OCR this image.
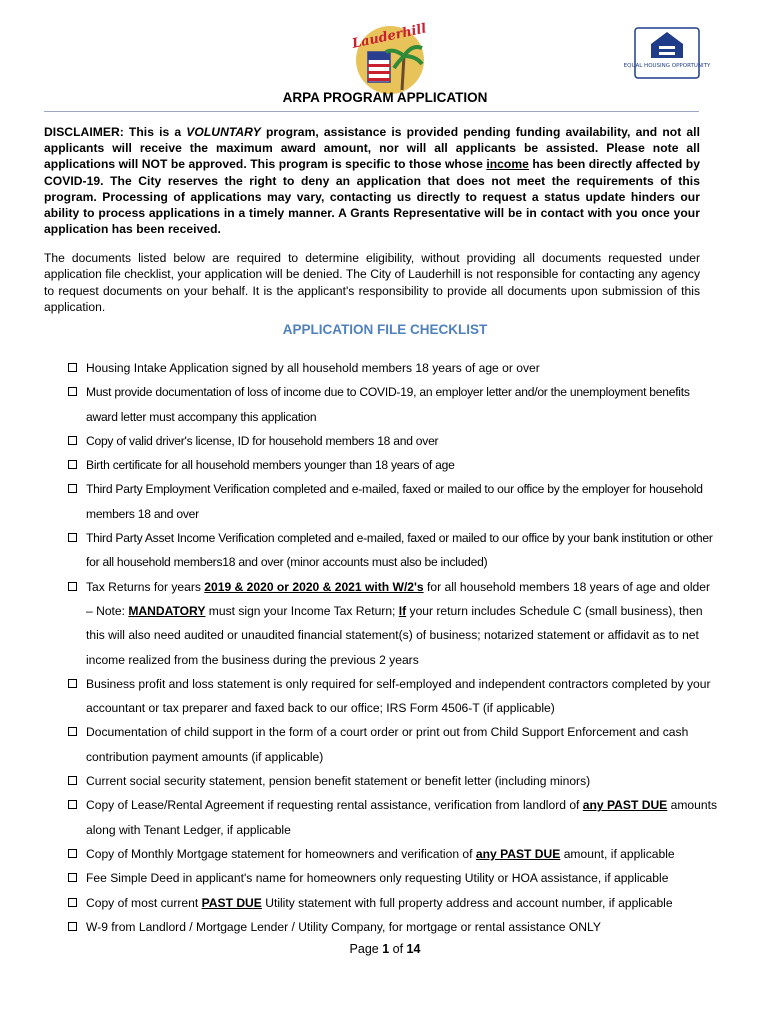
Lauderhill
EQUAL HOUSING OPPORTUNITY
ARPA PROGRAM APPLICATION
DISCLAIMER: This is a VOLUNTARY program, assistance is provided pending funding availability, and not all applicants will receive the maximum award amount, nor will all applicants be assisted. Please note all applications will NOT be approved. This program is specific to those whose income has been directly affected by COVID-19. The City reserves the right to deny an application that does not meet the requirements of this program. Processing of applications may vary, contacting us directly to request a status update hinders our ability to process applications in a timely manner. A Grants Representative will be in contact with you once your application has been received.
The documents listed below are required to determine eligibility, without providing all documents requested under application file checklist, your application will be denied. The City of Lauderhill is not responsible for contacting any agency to request documents on your behalf. It is the applicant's responsibility to provide all documents upon submission of this application.
APPLICATION FILE CHECKLIST
Housing Intake Application signed by all household members 18 years of age or over
Must provide documentation of loss of income due to COVID-19, an employer letter and/or the unemployment benefits award letter must accompany this application
Copy of valid driver's license, ID for household members 18 and over
Birth certificate for all household members younger than 18 years of age
Third Party Employment Verification completed and e-mailed, faxed or mailed to our office by the employer for household members 18 and over
Third Party Asset Income Verification completed and e-mailed, faxed or mailed to our office by your bank institution or other for all household members18 and over (minor accounts must also be included)
Tax Returns for years 2019 & 2020 or 2020 & 2021 with W/2's for all household members 18 years of age and older – Note: MANDATORY must sign your Income Tax Return; If your return includes Schedule C (small business), then this will also need audited or unaudited financial statement(s) of business; notarized statement or affidavit as to net income realized from the business during the previous 2 years
Business profit and loss statement is only required for self-employed and independent contractors completed by your accountant or tax preparer and faxed back to our office; IRS Form 4506-T (if applicable)
Documentation of child support in the form of a court order or print out from Child Support Enforcement and cash contribution payment amounts (if applicable)
Current social security statement, pension benefit statement or benefit letter (including minors)
Copy of Lease/Rental Agreement if requesting rental assistance, verification from landlord of any PAST DUE amounts along with Tenant Ledger, if applicable
Copy of Monthly Mortgage statement for homeowners and verification of any PAST DUE amount, if applicable
Fee Simple Deed in applicant's name for homeowners only requesting Utility or HOA assistance, if applicable
Copy of most current PAST DUE Utility statement with full property address and account number, if applicable
W-9 from Landlord / Mortgage Lender / Utility Company, for mortgage or rental assistance ONLY
Page 1 of 14
